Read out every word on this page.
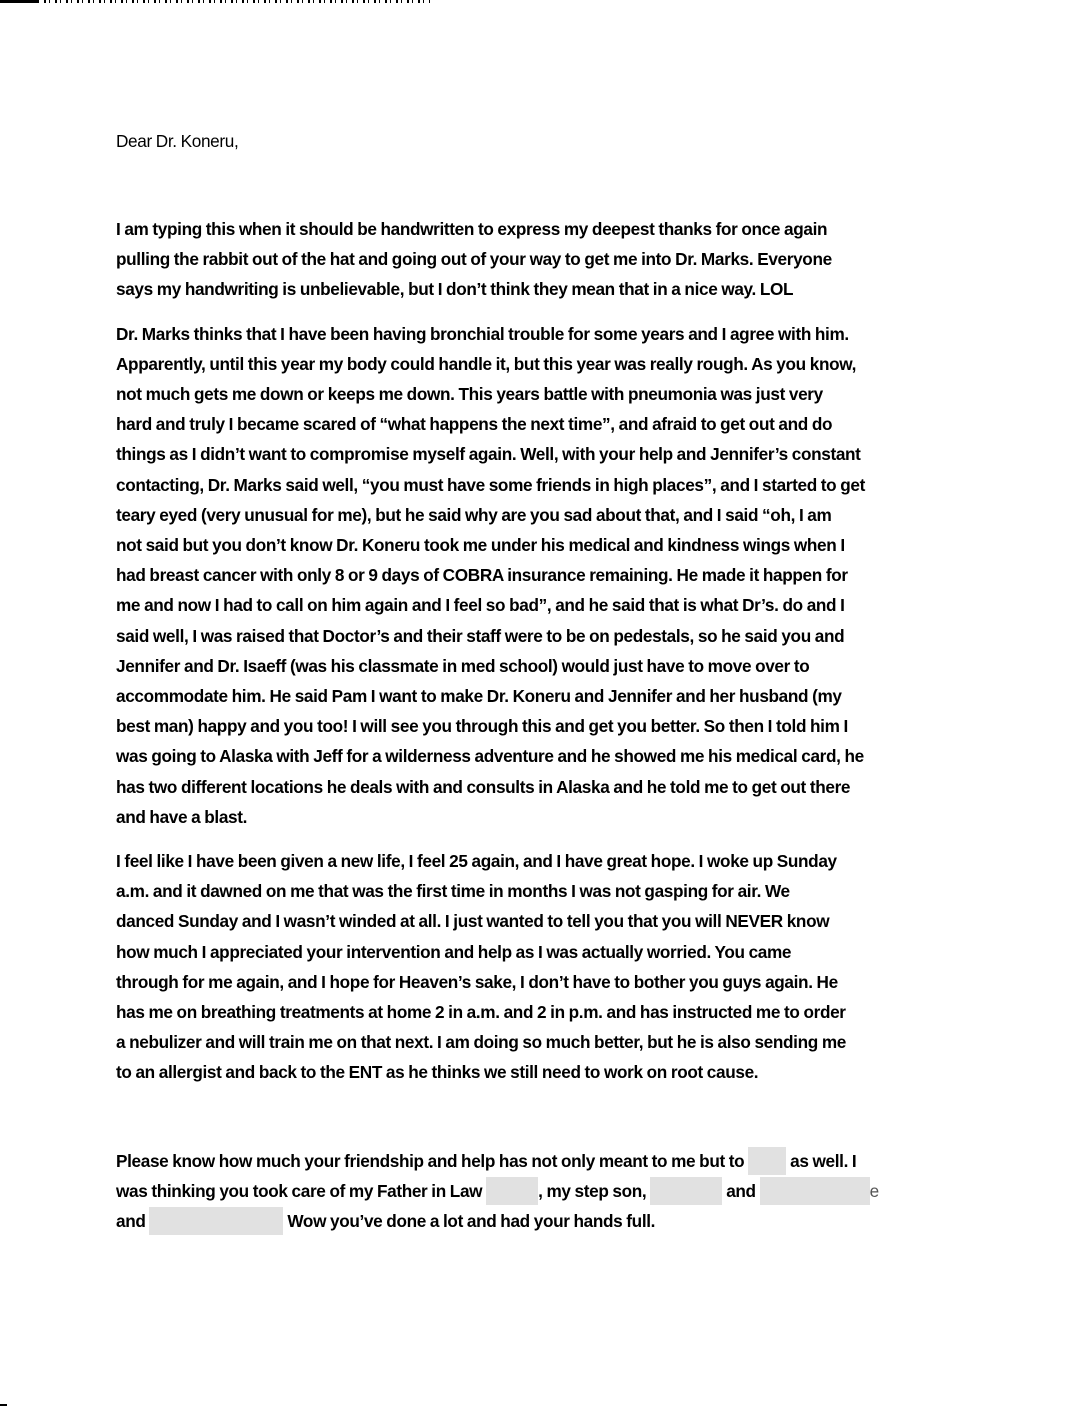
Dear Dr. Koneru,

I am typing this when it should be handwritten to express my deepest thanks for once again
pulling the rabbit out of the hat and going out of your way to get me into Dr. Marks. Everyone
says my handwriting is unbelievable, but I don’t think they mean that in a nice way. LOL

Dr. Marks thinks that I have been having bronchial trouble for some years and I agree with him.
Apparently, until this year my body could handle it, but this year was really rough. As you know,
not much gets me down or keeps me down. This years battle with pneumonia was just very
hard and truly I became scared of “what happens the next time”, and afraid to get out and do
things as I didn’t want to compromise myself again. Well, with your help and Jennifer’s constant
contacting, Dr. Marks said well, “you must have some friends in high places”, and I started to get
teary eyed (very unusual for me), but he said why are you sad about that, and I said “oh, I am
not said but you don’t know Dr. Koneru took me under his medical and kindness wings when I
had breast cancer with only 8 or 9 days of COBRA insurance remaining. He made it happen for
me and now I had to call on him again and I feel so bad”, and he said that is what Dr’s. do and I
said well, I was raised that Doctor’s and their staff were to be on pedestals, so he said you and
Jennifer and Dr. Isaeff (was his classmate in med school) would just have to move over to
accommodate him. He said Pam I want to make Dr. Koneru and Jennifer and her husband (my
best man) happy and you too! I will see you through this and get you better. So then I told him I
was going to Alaska with Jeff for a wilderness adventure and he showed me his medical card, he
has two different locations he deals with and consults in Alaska and he told me to get out there
and have a blast.

I feel like I have been given a new life, I feel 25 again, and I have great hope. I woke up Sunday
a.m. and it dawned on me that was the first time in months I was not gasping for air. We
danced Sunday and I wasn’t winded at all. I just wanted to tell you that you will NEVER know
how much I appreciated your intervention and help as I was actually worried. You came
through for me again, and I hope for Heaven’s sake, I don’t have to bother you guys again. He
has me on breathing treatments at home 2 in a.m. and 2 in p.m. and has instructed me to order
a nebulizer and will train me on that next. I am doing so much better, but he is also sending me
to an allergist and back to the ENT as he thinks we still need to work on root cause.

Please know how much your friendship and help has not only meant to me but to  as well. I
was thinking you took care of my Father in Law	, my step son,	and	e
and	Wow you’ve done a lot and had your hands full.
